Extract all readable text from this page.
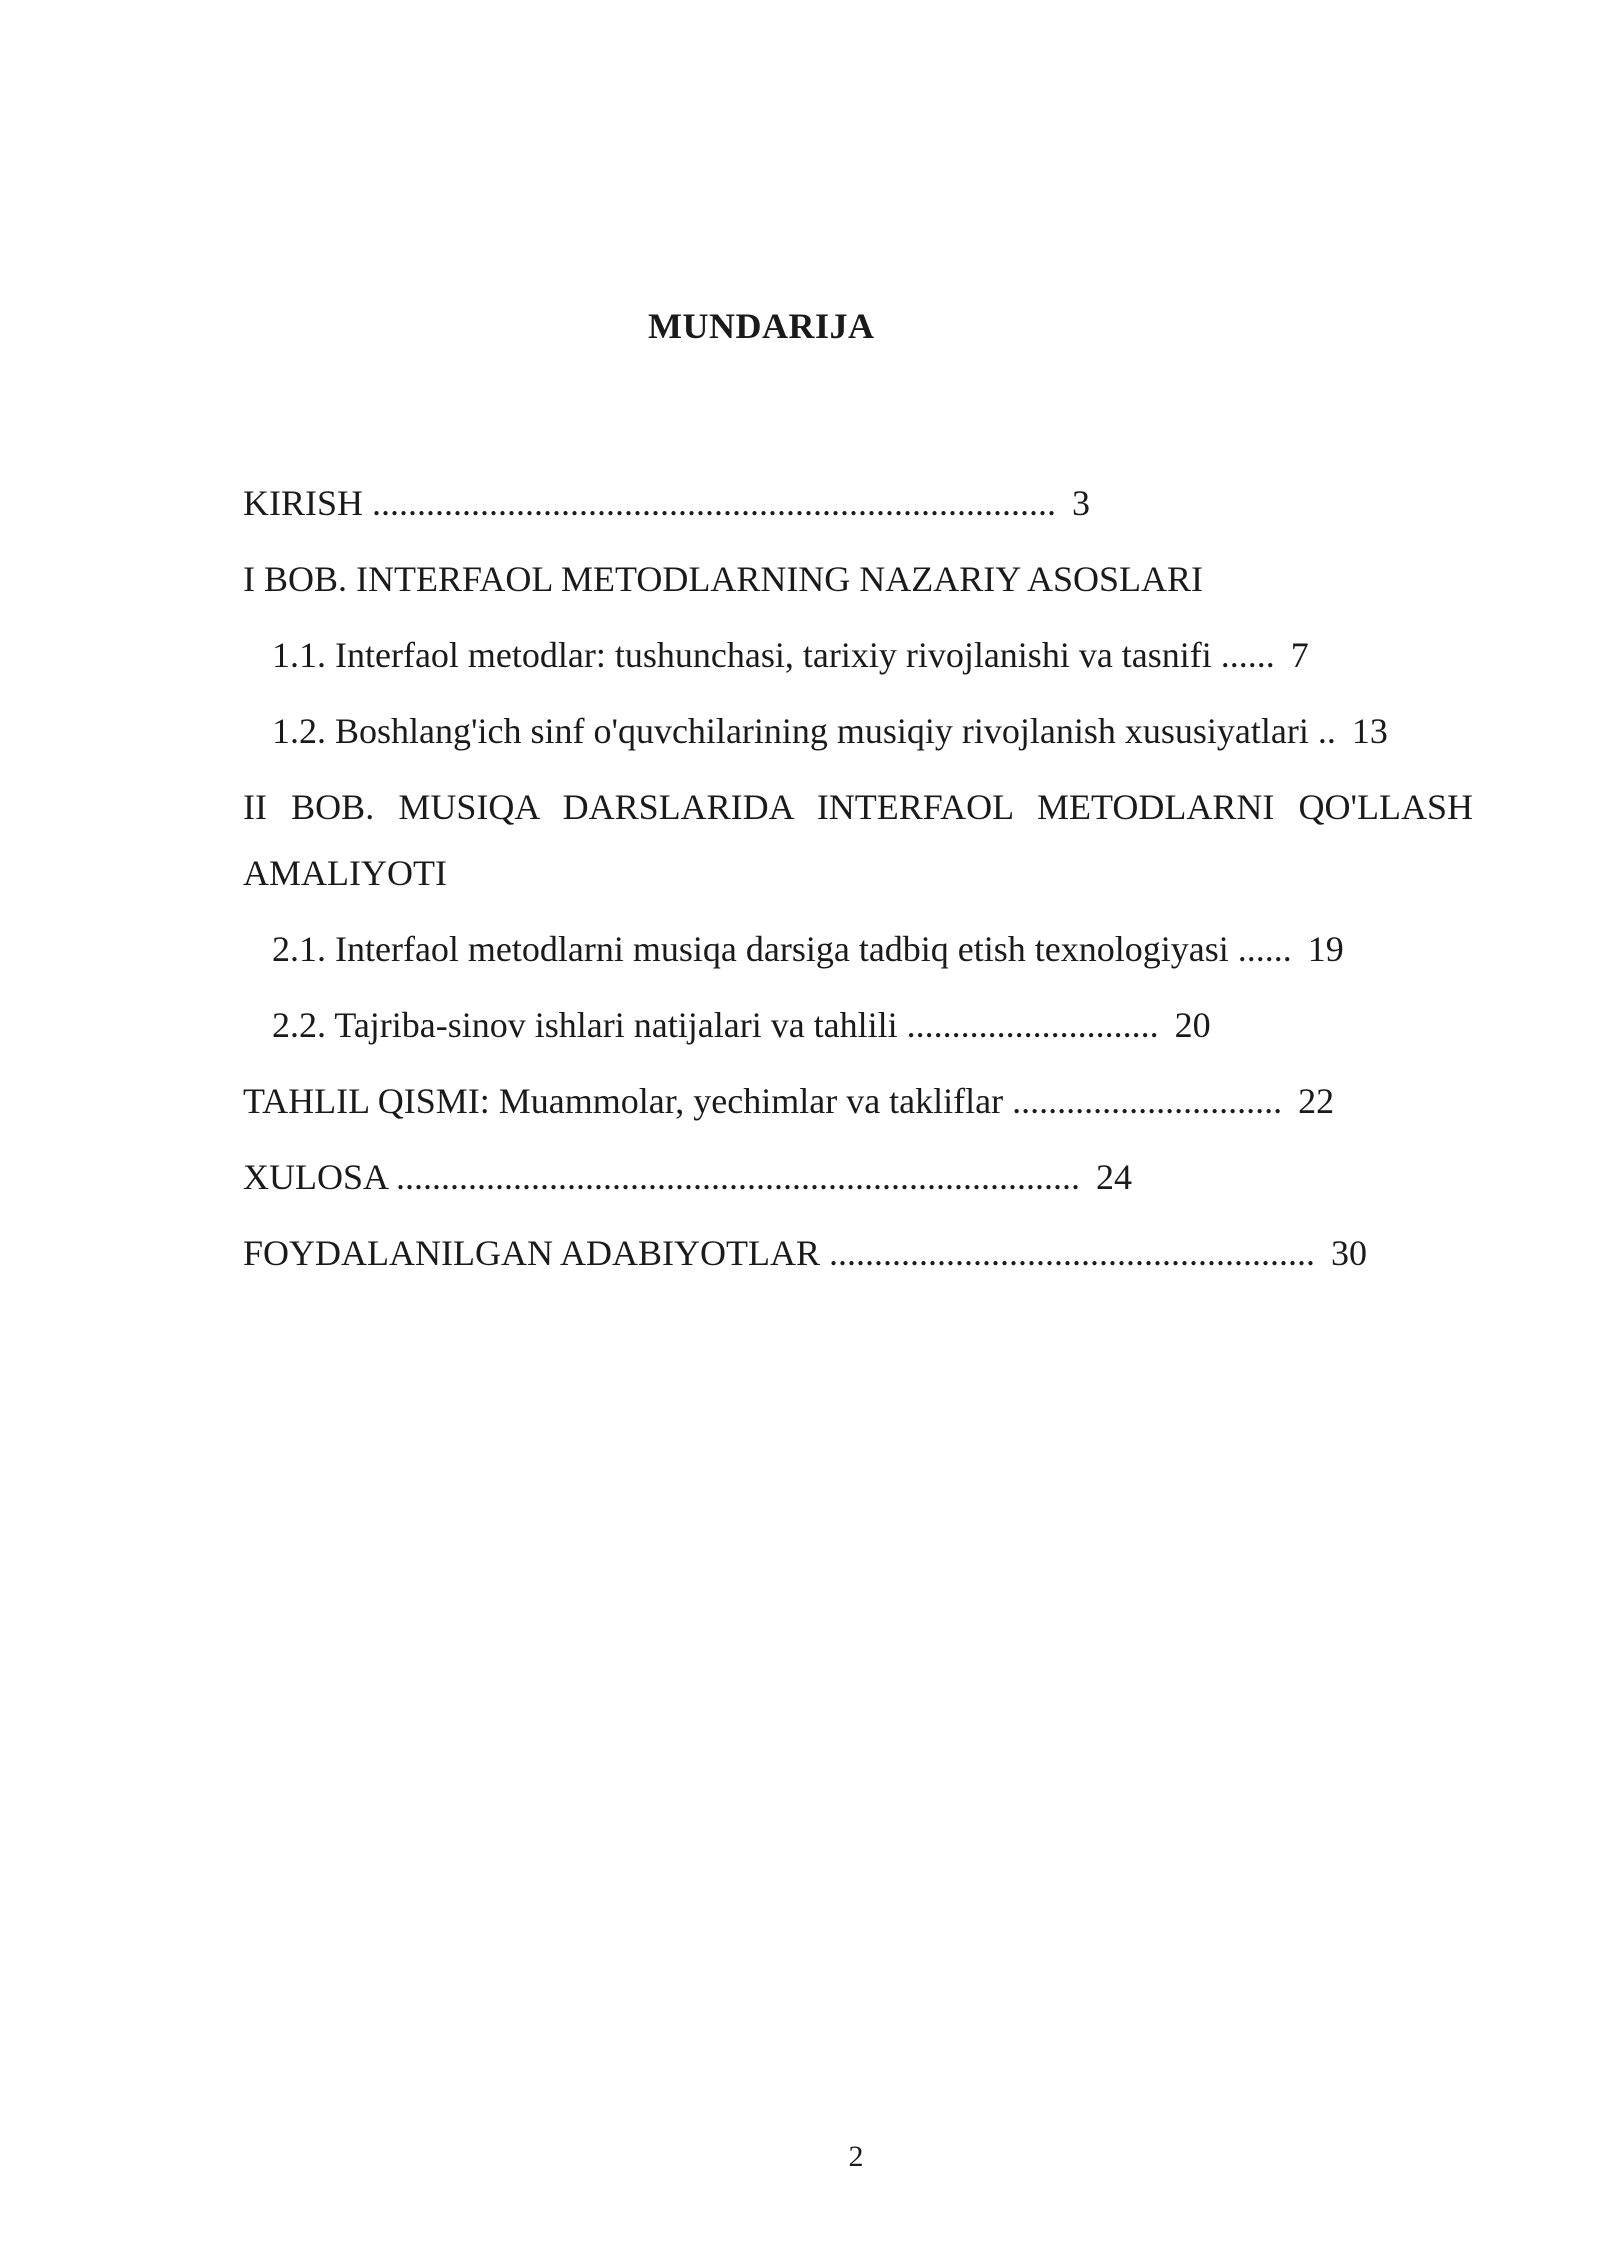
MUNDARIJA

KIRISH ............................................................................ 3

I BOB. INTERFAOL METODLARNING NAZARIY ASOSLARI

1.1. Interfaol metodlar: tushunchasi, tarixiy rivojlanishi va tasnifi ...... 7

1.2. Boshlang'ich sinf o'quvchilarining musiqiy rivojlanish xususiyatlari .. 13

II BOB. MUSIQA DARSLARIDA INTERFAOL METODLARNI QO'LLASH AMALIYOTI

2.1. Interfaol metodlarni musiqa darsiga tadbiq etish texnologiyasi ...... 19

2.2. Tajriba-sinov ishlari natijalari va tahlili ............................ 20

TAHLIL QISMI: Muammolar, yechimlar va takliflar .............................. 22

XULOSA ............................................................................ 24

FOYDALANILGAN ADABIYOTLAR ...................................................... 30

2
